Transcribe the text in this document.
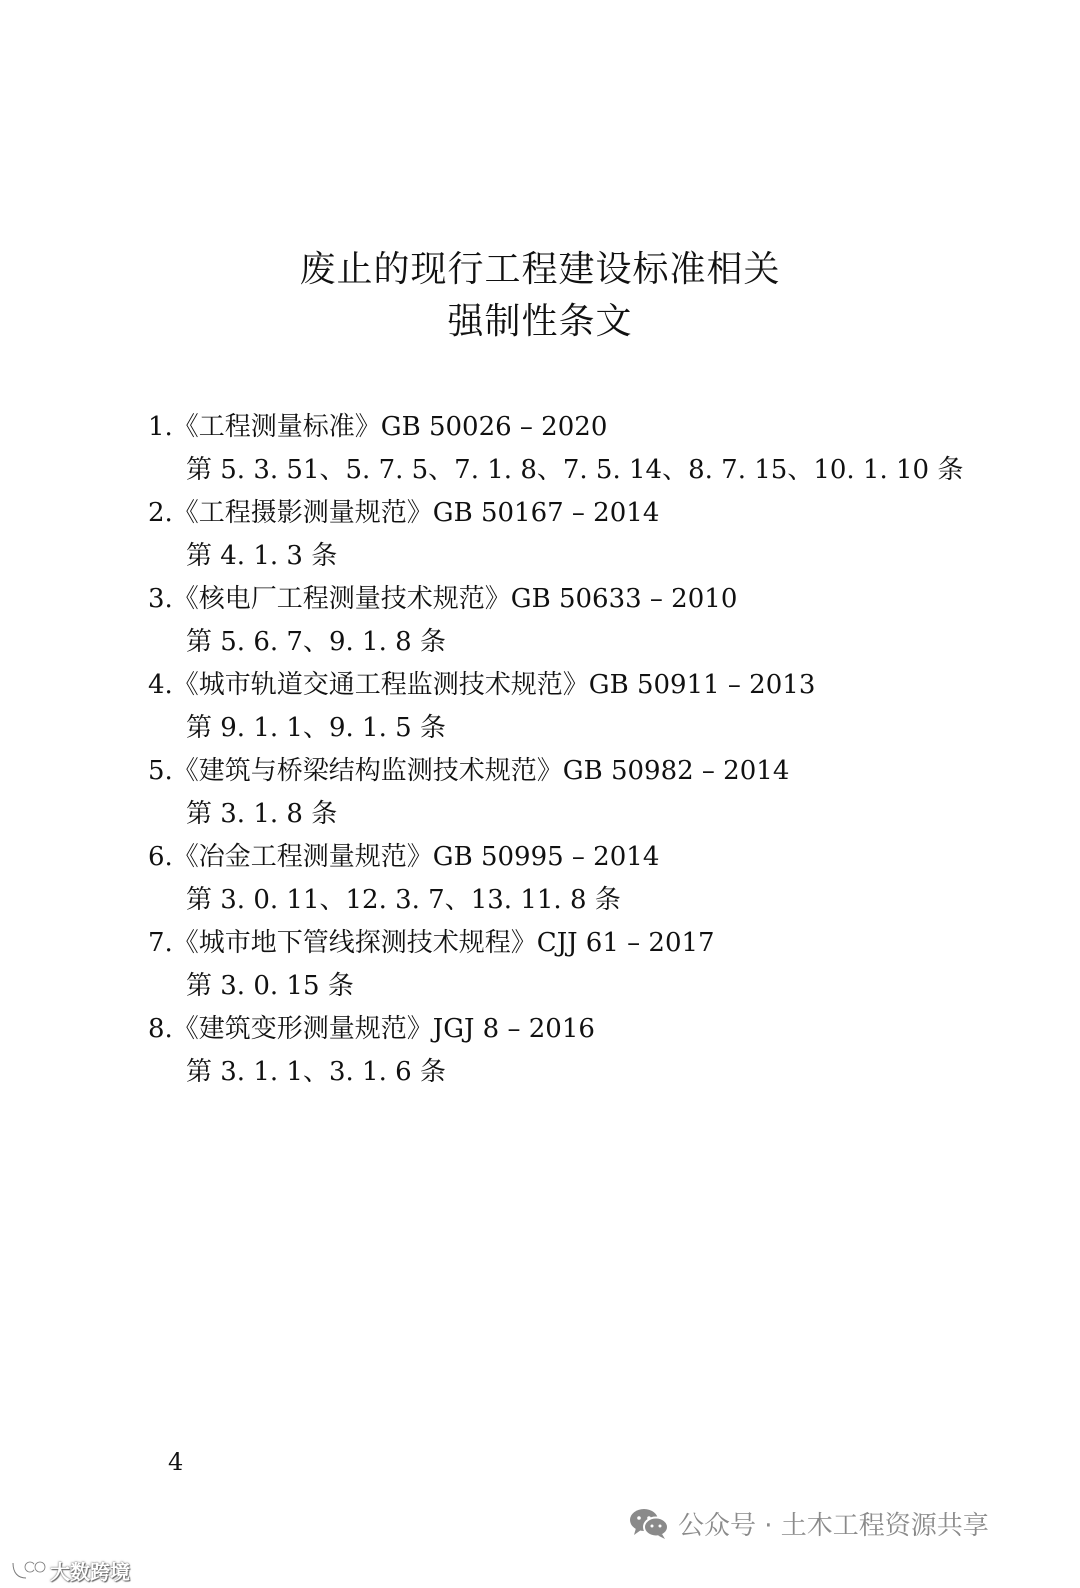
废止的现行工程建设标准相关
强制性条文
1.《工程测量标准》GB 50026 – 2020
第 5. 3. 51、5. 7. 5、7. 1. 8、7. 5. 14、8. 7. 15、10. 1. 10 条
2.《工程摄影测量规范》GB 50167 – 2014
第 4. 1. 3 条
3.《核电厂工程测量技术规范》GB 50633 – 2010
第 5. 6. 7、9. 1. 8 条
4.《城市轨道交通工程监测技术规范》GB 50911 – 2013
第 9. 1. 1、9. 1. 5 条
5.《建筑与桥梁结构监测技术规范》GB 50982 – 2014
第 3. 1. 8 条
6.《冶金工程测量规范》GB 50995 – 2014
第 3. 0. 11、12. 3. 7、13. 11. 8 条
7.《城市地下管线探测技术规程》CJJ 61 – 2017
第 3. 0. 15 条
8.《建筑变形测量规范》JGJ 8 – 2016
第 3. 1. 1、3. 1. 6 条
4
公众号 · 土木工程资源共享
大数跨境
